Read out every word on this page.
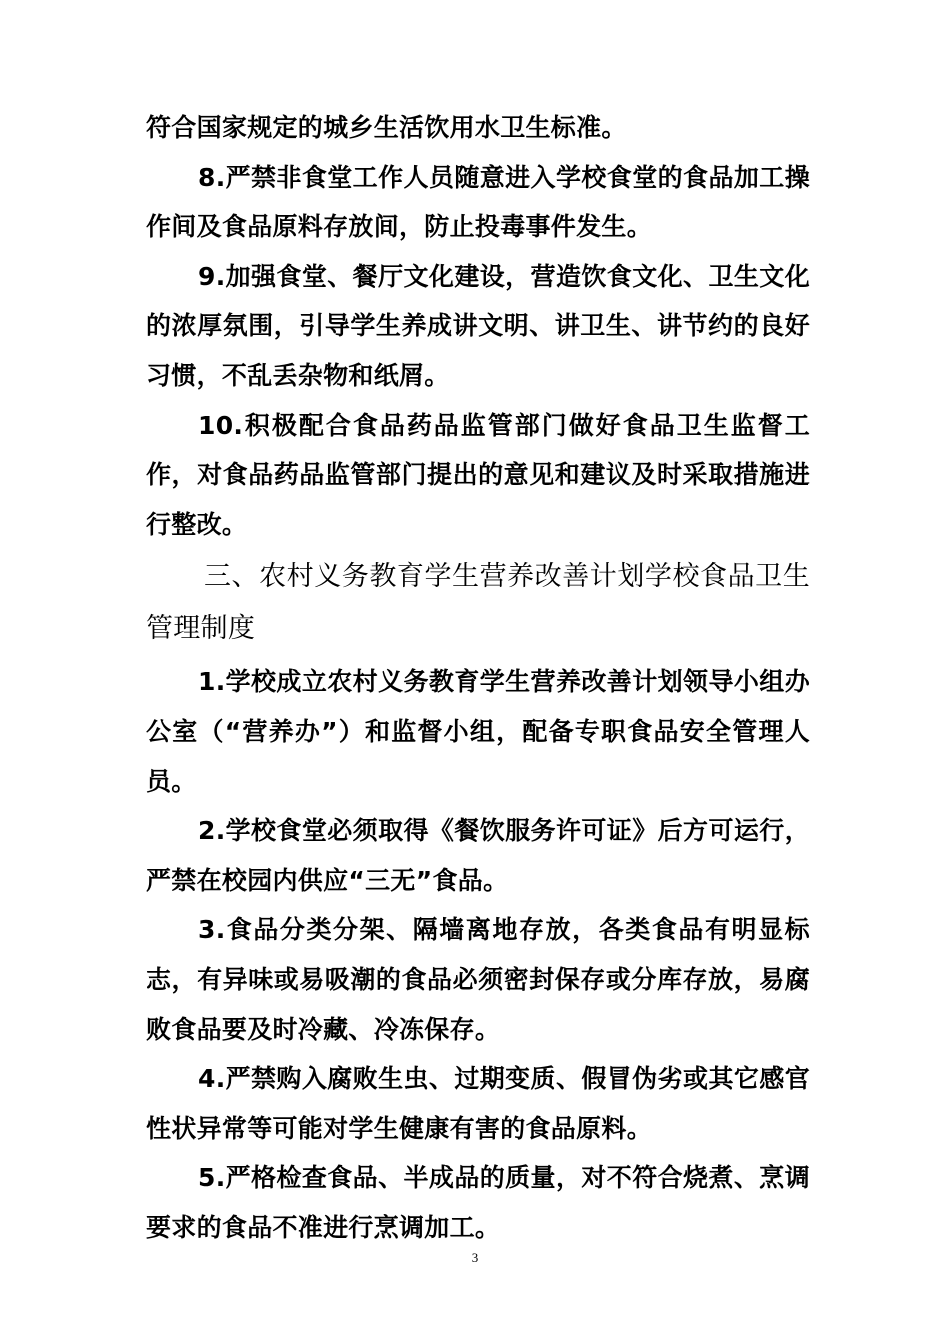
符合国家规定的城乡生活饮用水卫生标准。

8.严禁非食堂工作人员随意进入学校食堂的食品加工操作间及食品原料存放间，防止投毒事件发生。

9.加强食堂、餐厅文化建设，营造饮食文化、卫生文化的浓厚氛围，引导学生养成讲文明、讲卫生、讲节约的良好习惯，不乱丢杂物和纸屑。

10.积极配合食品药品监管部门做好食品卫生监督工作，对食品药品监管部门提出的意见和建议及时采取措施进行整改。

三、农村义务教育学生营养改善计划学校食品卫生管理制度

1.学校成立农村义务教育学生营养改善计划领导小组办公室（“营养办”）和监督小组，配备专职食品安全管理人员。

2.学校食堂必须取得《餐饮服务许可证》后方可运行，严禁在校园内供应“三无”食品。

3.食品分类分架、隔墙离地存放，各类食品有明显标志，有异味或易吸潮的食品必须密封保存或分库存放，易腐败食品要及时冷藏、冷冻保存。

4.严禁购入腐败生虫、过期变质、假冒伪劣或其它感官性状异常等可能对学生健康有害的食品原料。

5.严格检查食品、半成品的质量，对不符合烧煮、烹调要求的食品不准进行烹调加工。

3
